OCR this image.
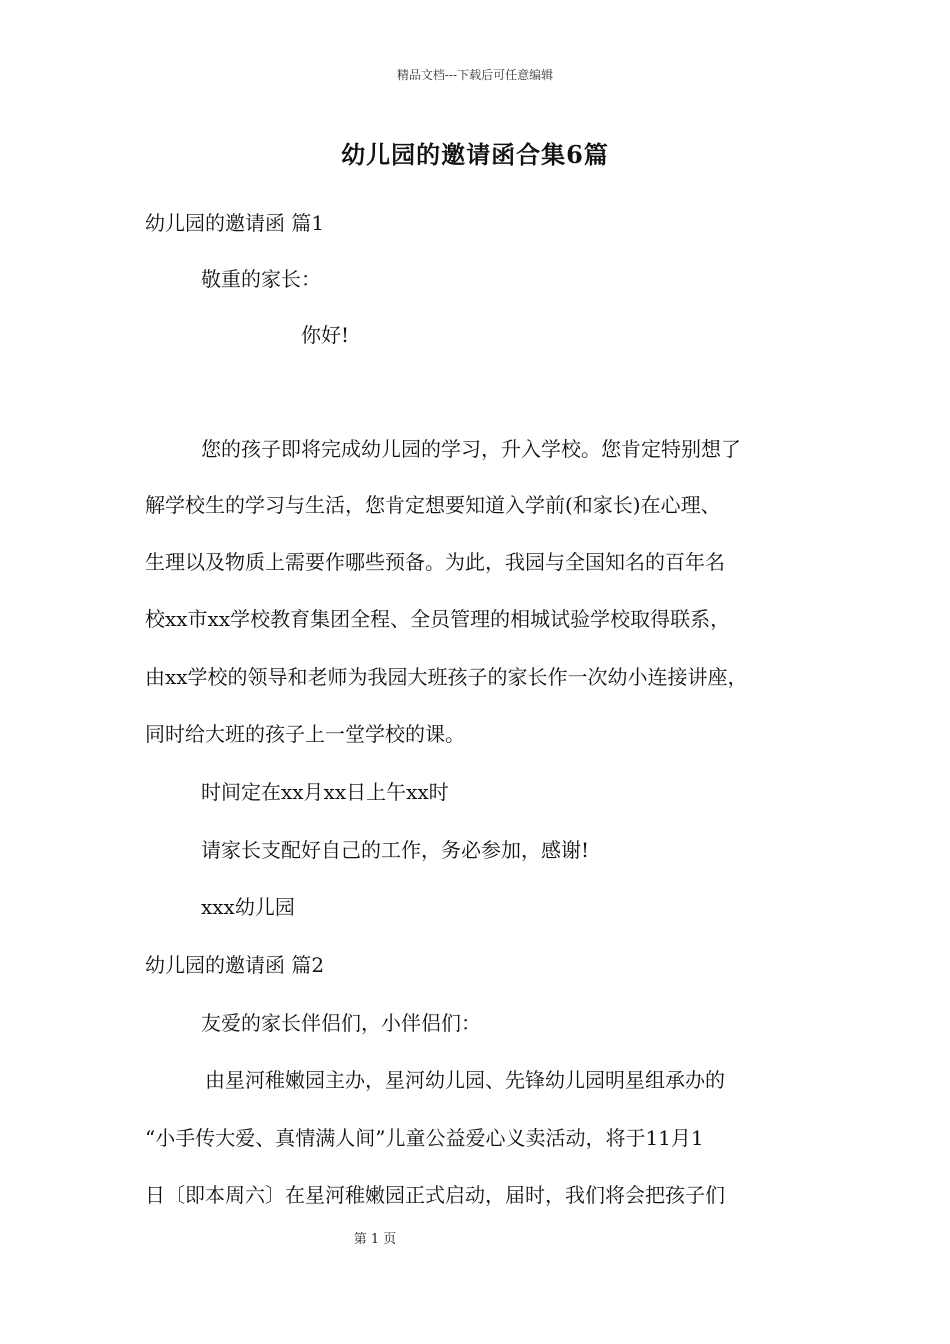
精品文档---下载后可任意编辑
幼儿园的邀请函合集6篇
幼儿园的邀请函 篇1
敬重的家长：
你好!
您的孩子即将完成幼儿园的学习，升入学校。您肯定特别想了
解学校生的学习与生活，您肯定想要知道入学前(和家长)在心理、
生理以及物质上需要作哪些预备。为此，我园与全国知名的百年名
校xx市xx学校教育集团全程、全员管理的相城试验学校取得联系，
由xx学校的领导和老师为我园大班孩子的家长作一次幼小连接讲座，
同时给大班的孩子上一堂学校的课。
时间定在xx月xx日上午xx时
请家长支配好自己的工作，务必参加，感谢!
xxx幼儿园
幼儿园的邀请函 篇2
友爱的家长伴侣们，小伴侣们：
由星河稚嫩园主办，星河幼儿园、先锋幼儿园明星组承办的
“小手传大爱、真情满人间”儿童公益爱心义卖活动，将于11月1
日〔即本周六〕在星河稚嫩园正式启动，届时，我们将会把孩子们
第 1 页
